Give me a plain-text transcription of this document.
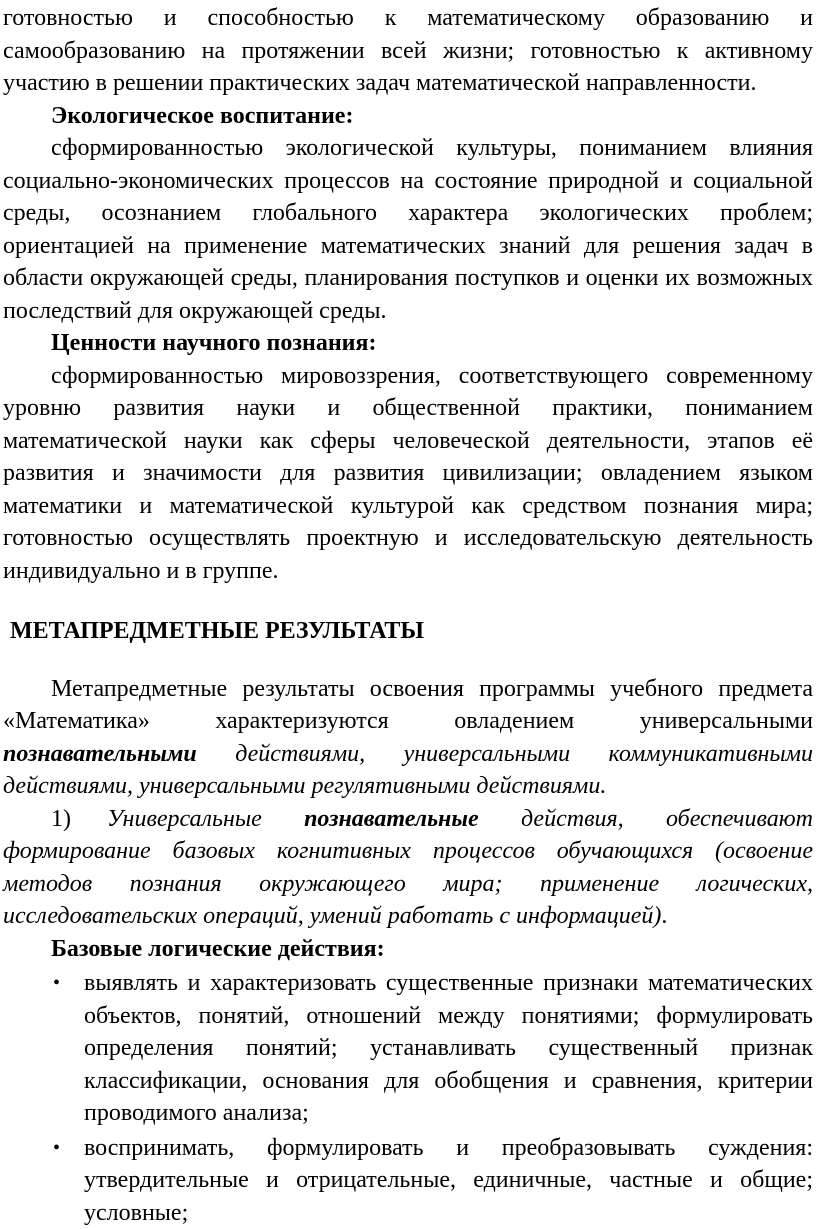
готовностью и способностью к математическому образованию и самообразованию на протяжении всей жизни; готовностью к активному участию в решении практических задач математической направленности.

Экологическое воспитание:

сформированностью экологической культуры, пониманием влияния социально-экономических процессов на состояние природной и социальной среды, осознанием глобального характера экологических проблем; ориентацией на применение математических знаний для решения задач в области окружающей среды, планирования поступков и оценки их возможных последствий для окружающей среды.

Ценности научного познания:

сформированностью мировоззрения, соответствующего современному уровню развития науки и общественной практики, пониманием математической науки как сферы человеческой деятельности, этапов её развития и значимости для развития цивилизации; овладением языком математики и математической культурой как средством познания мира; готовностью осуществлять проектную и исследовательскую деятельность индивидуально и в группе.

МЕТАПРЕДМЕТНЫЕ РЕЗУЛЬТАТЫ

Метапредметные результаты освоения программы учебного предмета «Математика» характеризуются овладением универсальными познавательными действиями, универсальными коммуникативными действиями, универсальными регулятивными действиями.

1) Универсальные познавательные действия, обеспечивают формирование базовых когнитивных процессов обучающихся (освоение методов познания окружающего мира; применение логических, исследовательских операций, умений работать с информацией).

Базовые логические действия:

• выявлять и характеризовать существенные признаки математических объектов, понятий, отношений между понятиями; формулировать определения понятий; устанавливать существенный признак классификации, основания для обобщения и сравнения, критерии проводимого анализа;
• воспринимать, формулировать и преобразовывать суждения: утвердительные и отрицательные, единичные, частные и общие; условные;
